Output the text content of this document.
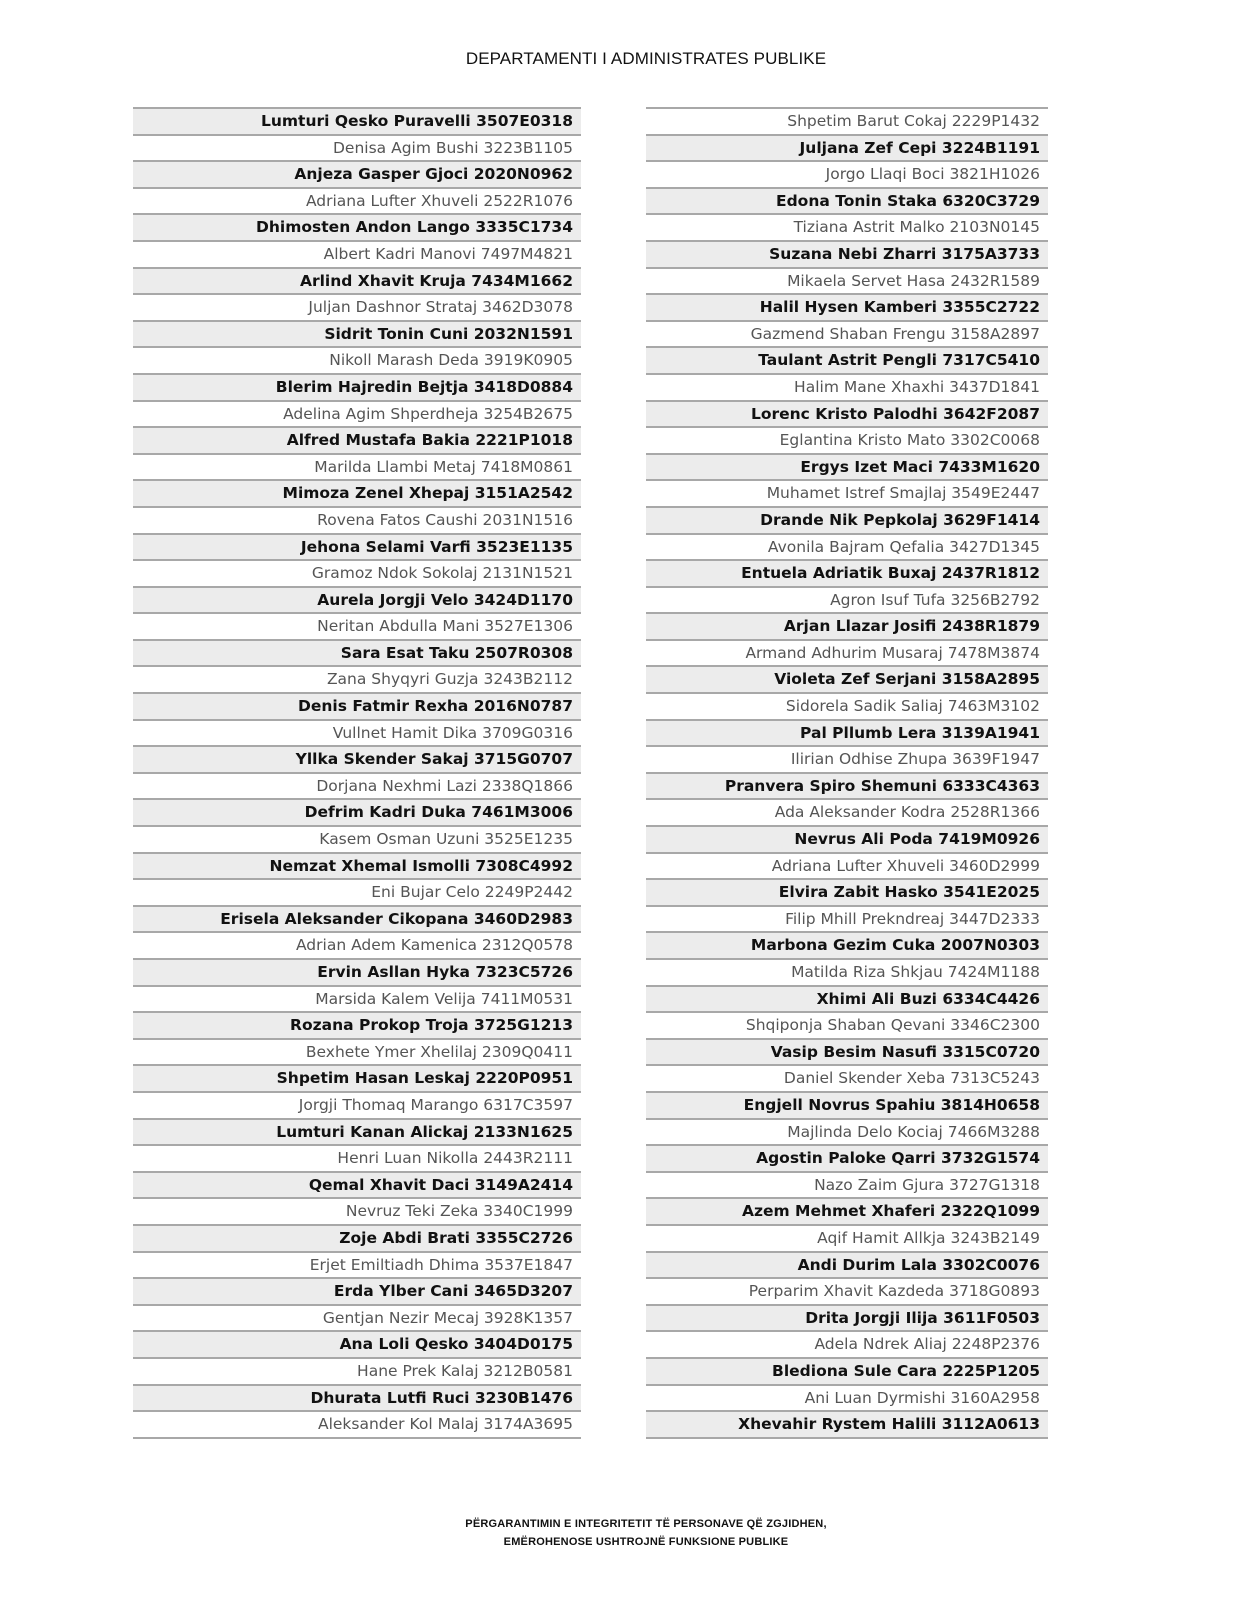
DEPARTAMENTI I ADMINISTRATES PUBLIKE
Lumturi Qesko Puravelli 3507E0318
Denisa Agim Bushi 3223B1105
Anjeza Gasper Gjoci 2020N0962
Adriana Lufter Xhuveli 2522R1076
Dhimosten Andon Lango 3335C1734
Albert Kadri Manovi 7497M4821
Arlind Xhavit Kruja 7434M1662
Juljan Dashnor Strataj 3462D3078
Sidrit Tonin Cuni 2032N1591
Nikoll Marash Deda 3919K0905
Blerim Hajredin Bejtja 3418D0884
Adelina Agim Shperdheja 3254B2675
Alfred Mustafa Bakia 2221P1018
Marilda Llambi Metaj 7418M0861
Mimoza Zenel Xhepaj 3151A2542
Rovena Fatos Caushi 2031N1516
Jehona Selami Varfi 3523E1135
Gramoz Ndok Sokolaj 2131N1521
Aurela Jorgji Velo 3424D1170
Neritan Abdulla Mani 3527E1306
Sara Esat Taku 2507R0308
Zana Shyqyri Guzja 3243B2112
Denis Fatmir Rexha 2016N0787
Vullnet Hamit Dika 3709G0316
Yllka Skender Sakaj 3715G0707
Dorjana Nexhmi Lazi 2338Q1866
Defrim Kadri Duka 7461M3006
Kasem Osman Uzuni 3525E1235
Nemzat Xhemal Ismolli 7308C4992
Eni Bujar Celo 2249P2442
Erisela Aleksander Cikopana 3460D2983
Adrian Adem Kamenica 2312Q0578
Ervin Asllan Hyka 7323C5726
Marsida Kalem Velija 7411M0531
Rozana Prokop Troja 3725G1213
Bexhete Ymer Xhelilaj 2309Q0411
Shpetim Hasan Leskaj 2220P0951
Jorgji Thomaq Marango 6317C3597
Lumturi Kanan Alickaj 2133N1625
Henri Luan Nikolla 2443R2111
Qemal Xhavit Daci 3149A2414
Nevruz Teki Zeka 3340C1999
Zoje Abdi Brati 3355C2726
Erjet Emiltiadh Dhima 3537E1847
Erda Ylber Cani 3465D3207
Gentjan Nezir Mecaj 3928K1357
Ana Loli Qesko 3404D0175
Hane Prek Kalaj 3212B0581
Dhurata Lutfi Ruci 3230B1476
Aleksander Kol Malaj 3174A3695
Shpetim Barut Cokaj 2229P1432
Juljana Zef Cepi 3224B1191
Jorgo Llaqi Boci 3821H1026
Edona Tonin Staka 6320C3729
Tiziana Astrit Malko 2103N0145
Suzana Nebi Zharri 3175A3733
Mikaela Servet Hasa 2432R1589
Halil Hysen Kamberi 3355C2722
Gazmend Shaban Frengu 3158A2897
Taulant Astrit Pengli 7317C5410
Halim Mane Xhaxhi 3437D1841
Lorenc Kristo Palodhi 3642F2087
Eglantina Kristo Mato 3302C0068
Ergys Izet Maci 7433M1620
Muhamet Istref Smajlaj 3549E2447
Drande Nik Pepkolaj 3629F1414
Avonila Bajram Qefalia 3427D1345
Entuela Adriatik Buxaj 2437R1812
Agron Isuf Tufa 3256B2792
Arjan Llazar Josifi 2438R1879
Armand Adhurim Musaraj 7478M3874
Violeta Zef Serjani 3158A2895
Sidorela Sadik Saliaj 7463M3102
Pal Pllumb Lera 3139A1941
Ilirian Odhise Zhupa 3639F1947
Pranvera Spiro Shemuni 6333C4363
Ada Aleksander Kodra 2528R1366
Nevrus Ali Poda 7419M0926
Adriana Lufter Xhuveli 3460D2999
Elvira Zabit Hasko 3541E2025
Filip Mhill Prekndreaj 3447D2333
Marbona Gezim Cuka 2007N0303
Matilda Riza Shkjau 7424M1188
Xhimi Ali Buzi 6334C4426
Shqiponja Shaban Qevani 3346C2300
Vasip Besim Nasufi 3315C0720
Daniel Skender Xeba 7313C5243
Engjell Novrus Spahiu 3814H0658
Majlinda Delo Kociaj 7466M3288
Agostin Paloke Qarri 3732G1574
Nazo Zaim Gjura 3727G1318
Azem Mehmet Xhaferi 2322Q1099
Aqif Hamit Allkja 3243B2149
Andi Durim Lala 3302C0076
Perparim Xhavit Kazdeda 3718G0893
Drita Jorgji Ilija 3611F0503
Adela Ndrek Aliaj 2248P2376
Blediona Sule Cara 2225P1205
Ani Luan Dyrmishi 3160A2958
Xhevahir Rystem Halili 3112A0613
PËRGARANTIMIN E INTEGRITETIT TË PERSONAVE QË ZGJIDHEN,
EMËROHENOSE USHTROJNË FUNKSIONE PUBLIKE
